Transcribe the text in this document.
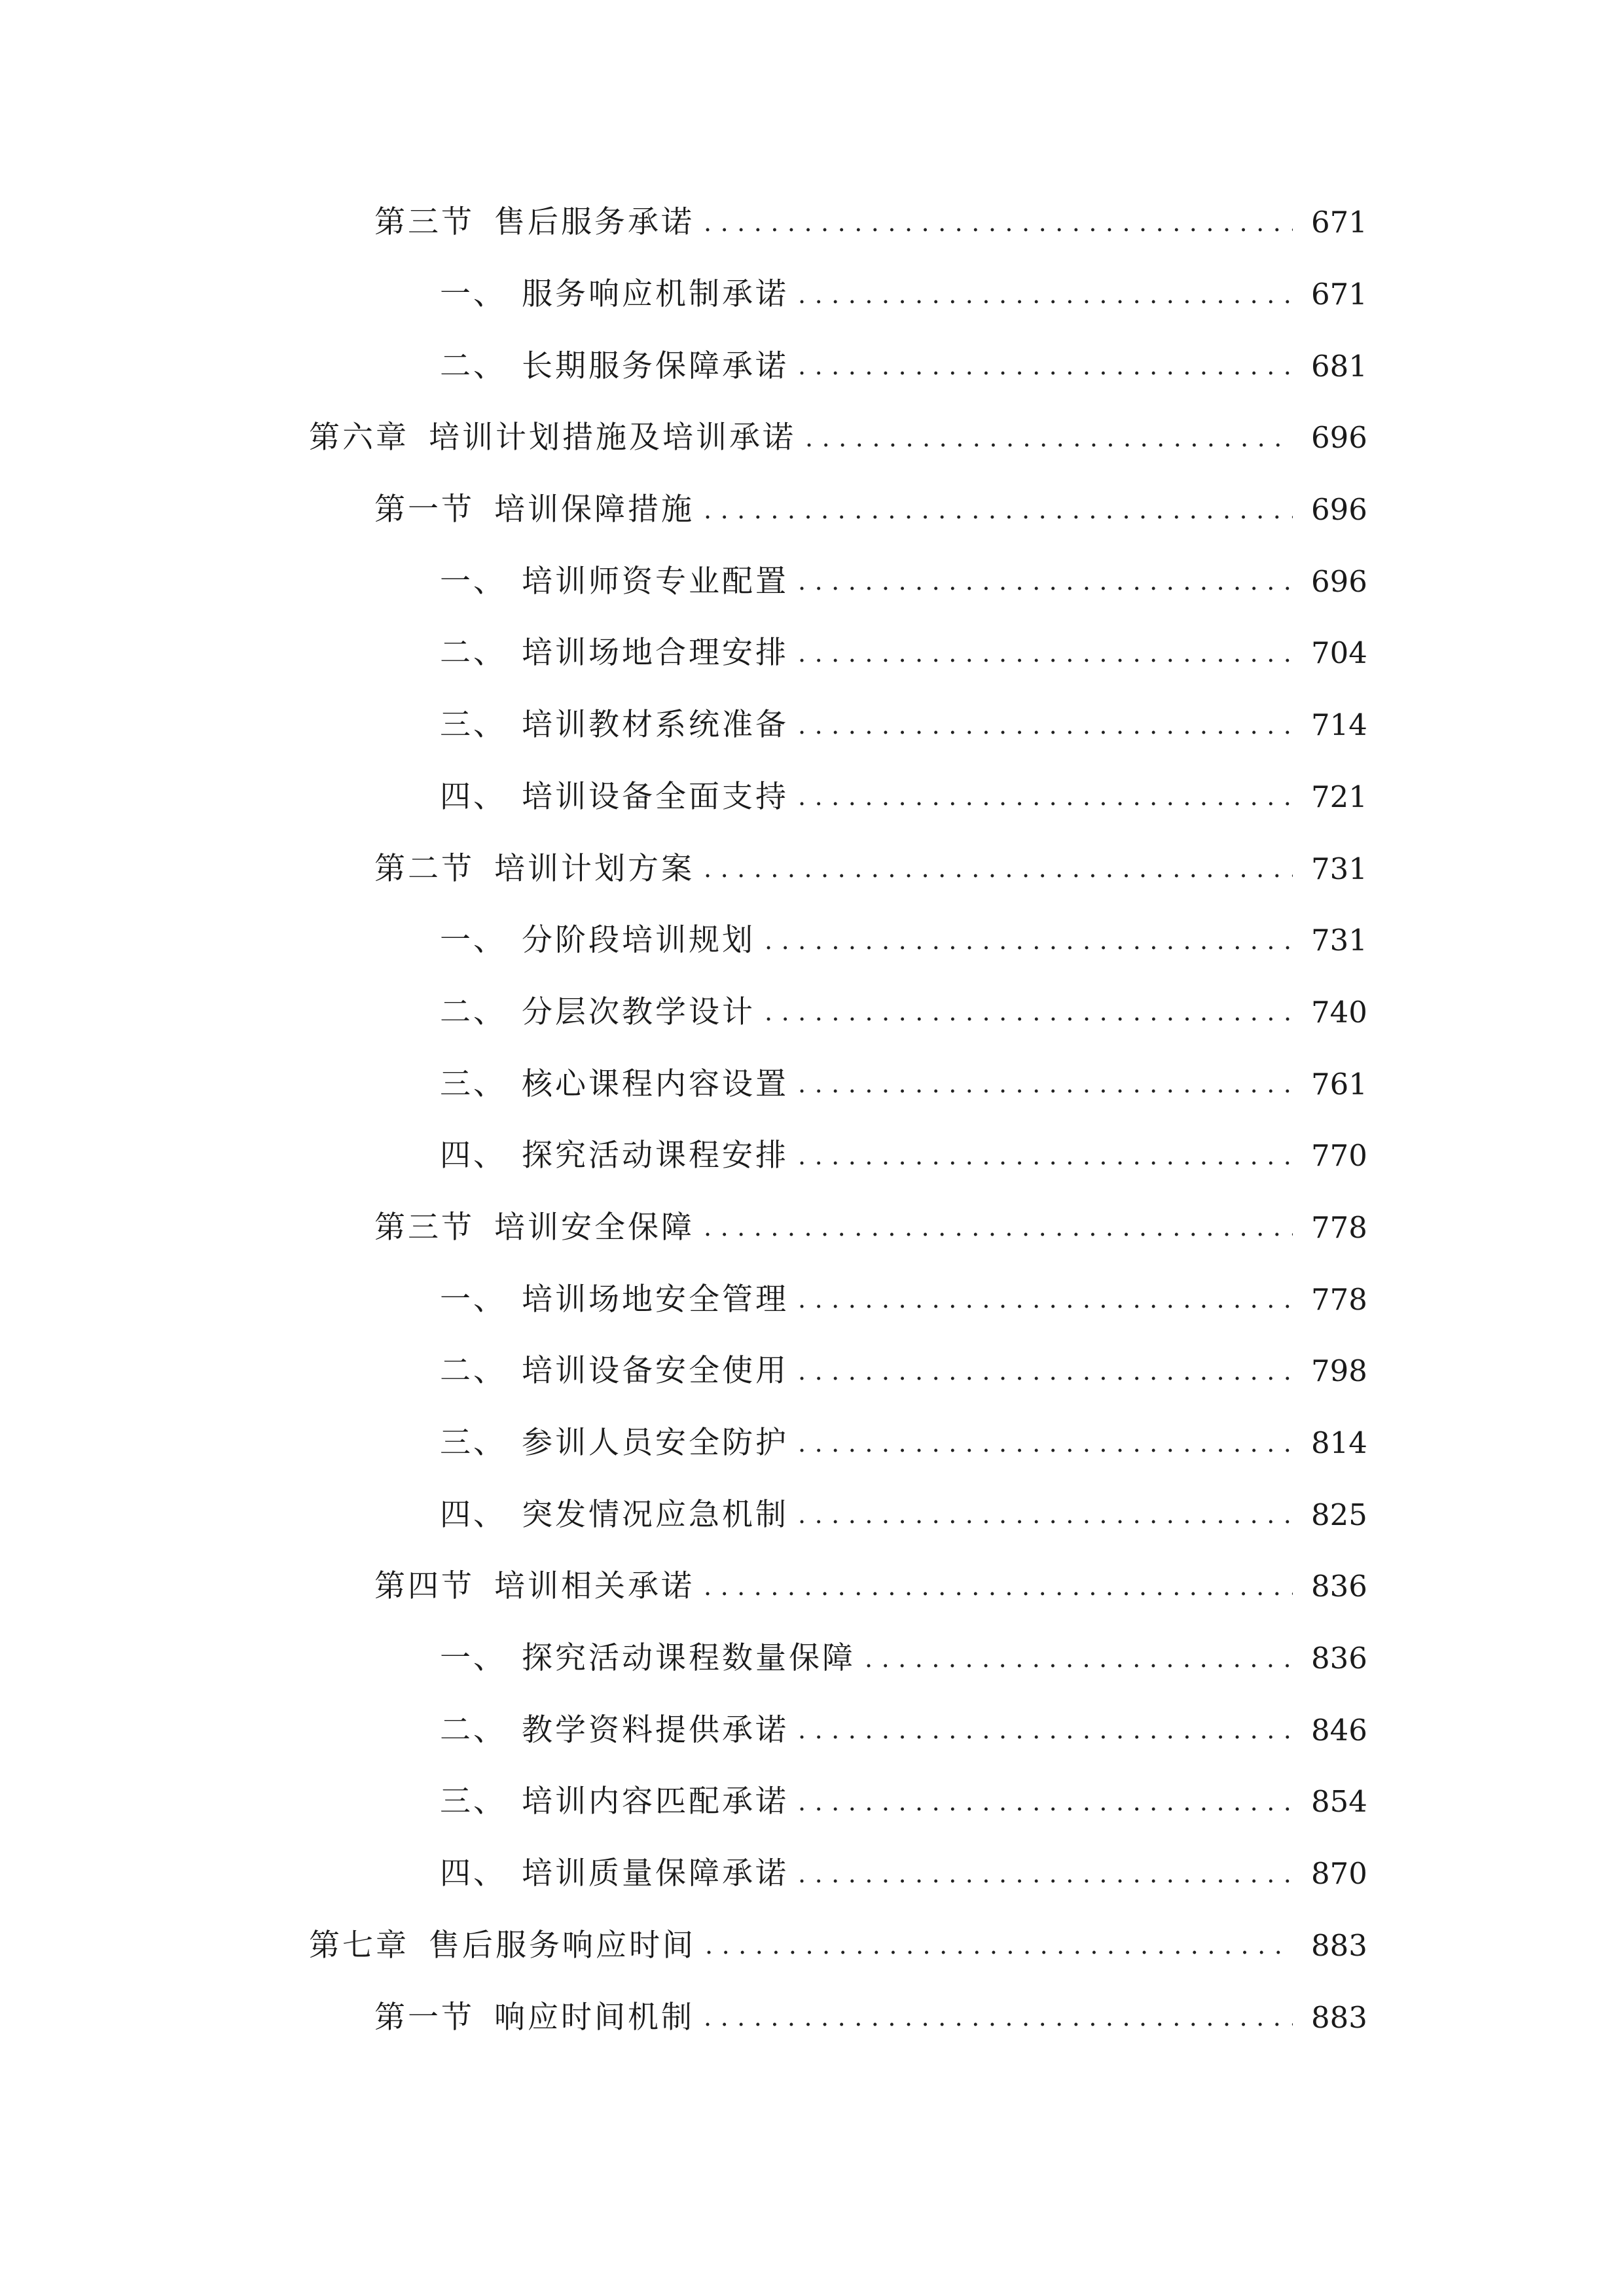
第三节 售后服务承诺 .....	671
一、 服务响应机制承诺 .....	671
二、 长期服务保障承诺 .....	681
第六章 培训计划措施及培训承诺 .....	696
第一节 培训保障措施 .....	696
一、 培训师资专业配置 .....	696
二、 培训场地合理安排 .....	704
三、 培训教材系统准备 .....	714
四、 培训设备全面支持 .....	721
第二节 培训计划方案 .....	731
一、 分阶段培训规划 .....	731
二、 分层次教学设计 .....	740
三、 核心课程内容设置 .....	761
四、 探究活动课程安排 .....	770
第三节 培训安全保障 .....	778
一、 培训场地安全管理 .....	778
二、 培训设备安全使用 .....	798
三、 参训人员安全防护 .....	814
四、 突发情况应急机制 .....	825
第四节 培训相关承诺 .....	836
一、 探究活动课程数量保障 .....	836
二、 教学资料提供承诺 .....	846
三、 培训内容匹配承诺 .....	854
四、 培训质量保障承诺 .....	870
第七章 售后服务响应时间 .....	883
第一节 响应时间机制 .....	883
